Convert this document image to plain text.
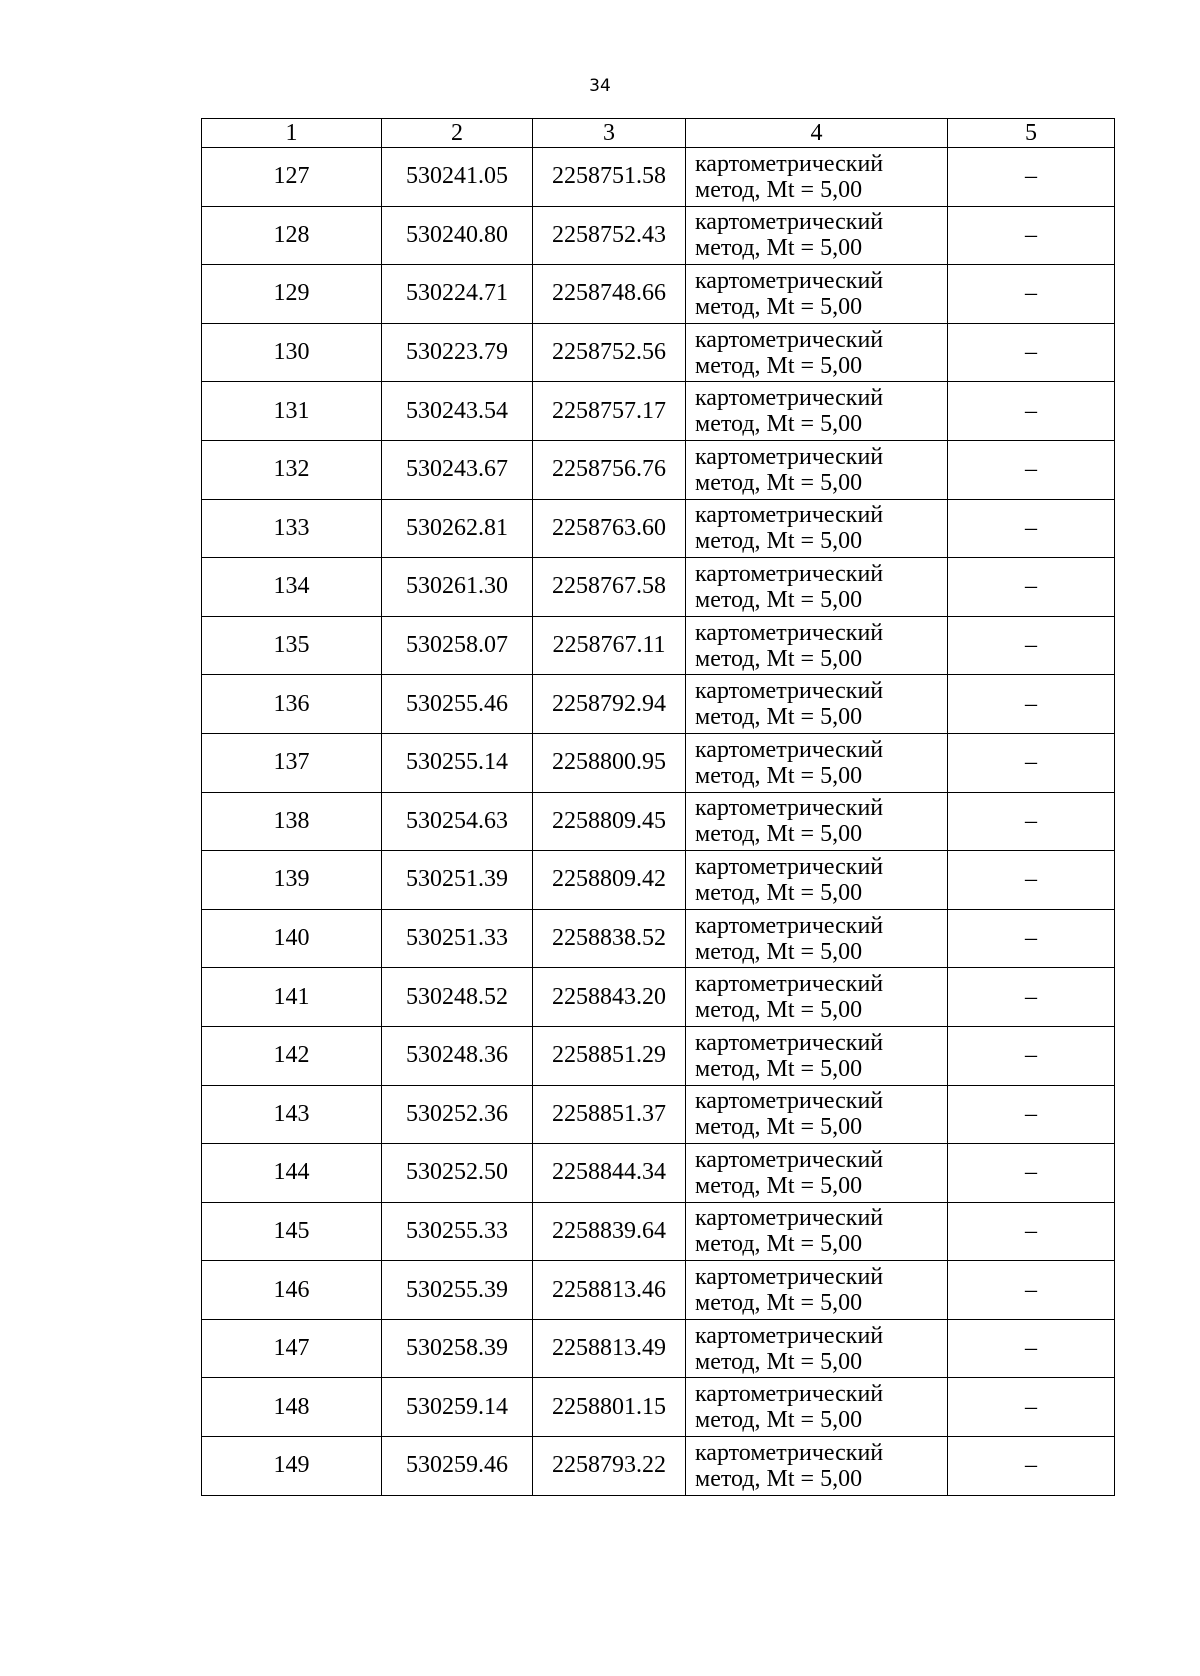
34
1	2	3	4	5
127	530241.05	2258751.58	картометрический
метод, Mt = 5,00	–
128	530240.80	2258752.43	картометрический
метод, Mt = 5,00	–
129	530224.71	2258748.66	картометрический
метод, Mt = 5,00	–
130	530223.79	2258752.56	картометрический
метод, Mt = 5,00	–
131	530243.54	2258757.17	картометрический
метод, Mt = 5,00	–
132	530243.67	2258756.76	картометрический
метод, Mt = 5,00	–
133	530262.81	2258763.60	картометрический
метод, Mt = 5,00	–
134	530261.30	2258767.58	картометрический
метод, Mt = 5,00	–
135	530258.07	2258767.11	картометрический
метод, Mt = 5,00	–
136	530255.46	2258792.94	картометрический
метод, Mt = 5,00	–
137	530255.14	2258800.95	картометрический
метод, Mt = 5,00	–
138	530254.63	2258809.45	картометрический
метод, Mt = 5,00	–
139	530251.39	2258809.42	картометрический
метод, Mt = 5,00	–
140	530251.33	2258838.52	картометрический
метод, Mt = 5,00	–
141	530248.52	2258843.20	картометрический
метод, Mt = 5,00	–
142	530248.36	2258851.29	картометрический
метод, Mt = 5,00	–
143	530252.36	2258851.37	картометрический
метод, Mt = 5,00	–
144	530252.50	2258844.34	картометрический
метод, Mt = 5,00	–
145	530255.33	2258839.64	картометрический
метод, Mt = 5,00	–
146	530255.39	2258813.46	картометрический
метод, Mt = 5,00	–
147	530258.39	2258813.49	картометрический
метод, Mt = 5,00	–
148	530259.14	2258801.15	картометрический
метод, Mt = 5,00	–
149	530259.46	2258793.22	картометрический
метод, Mt = 5,00	–
